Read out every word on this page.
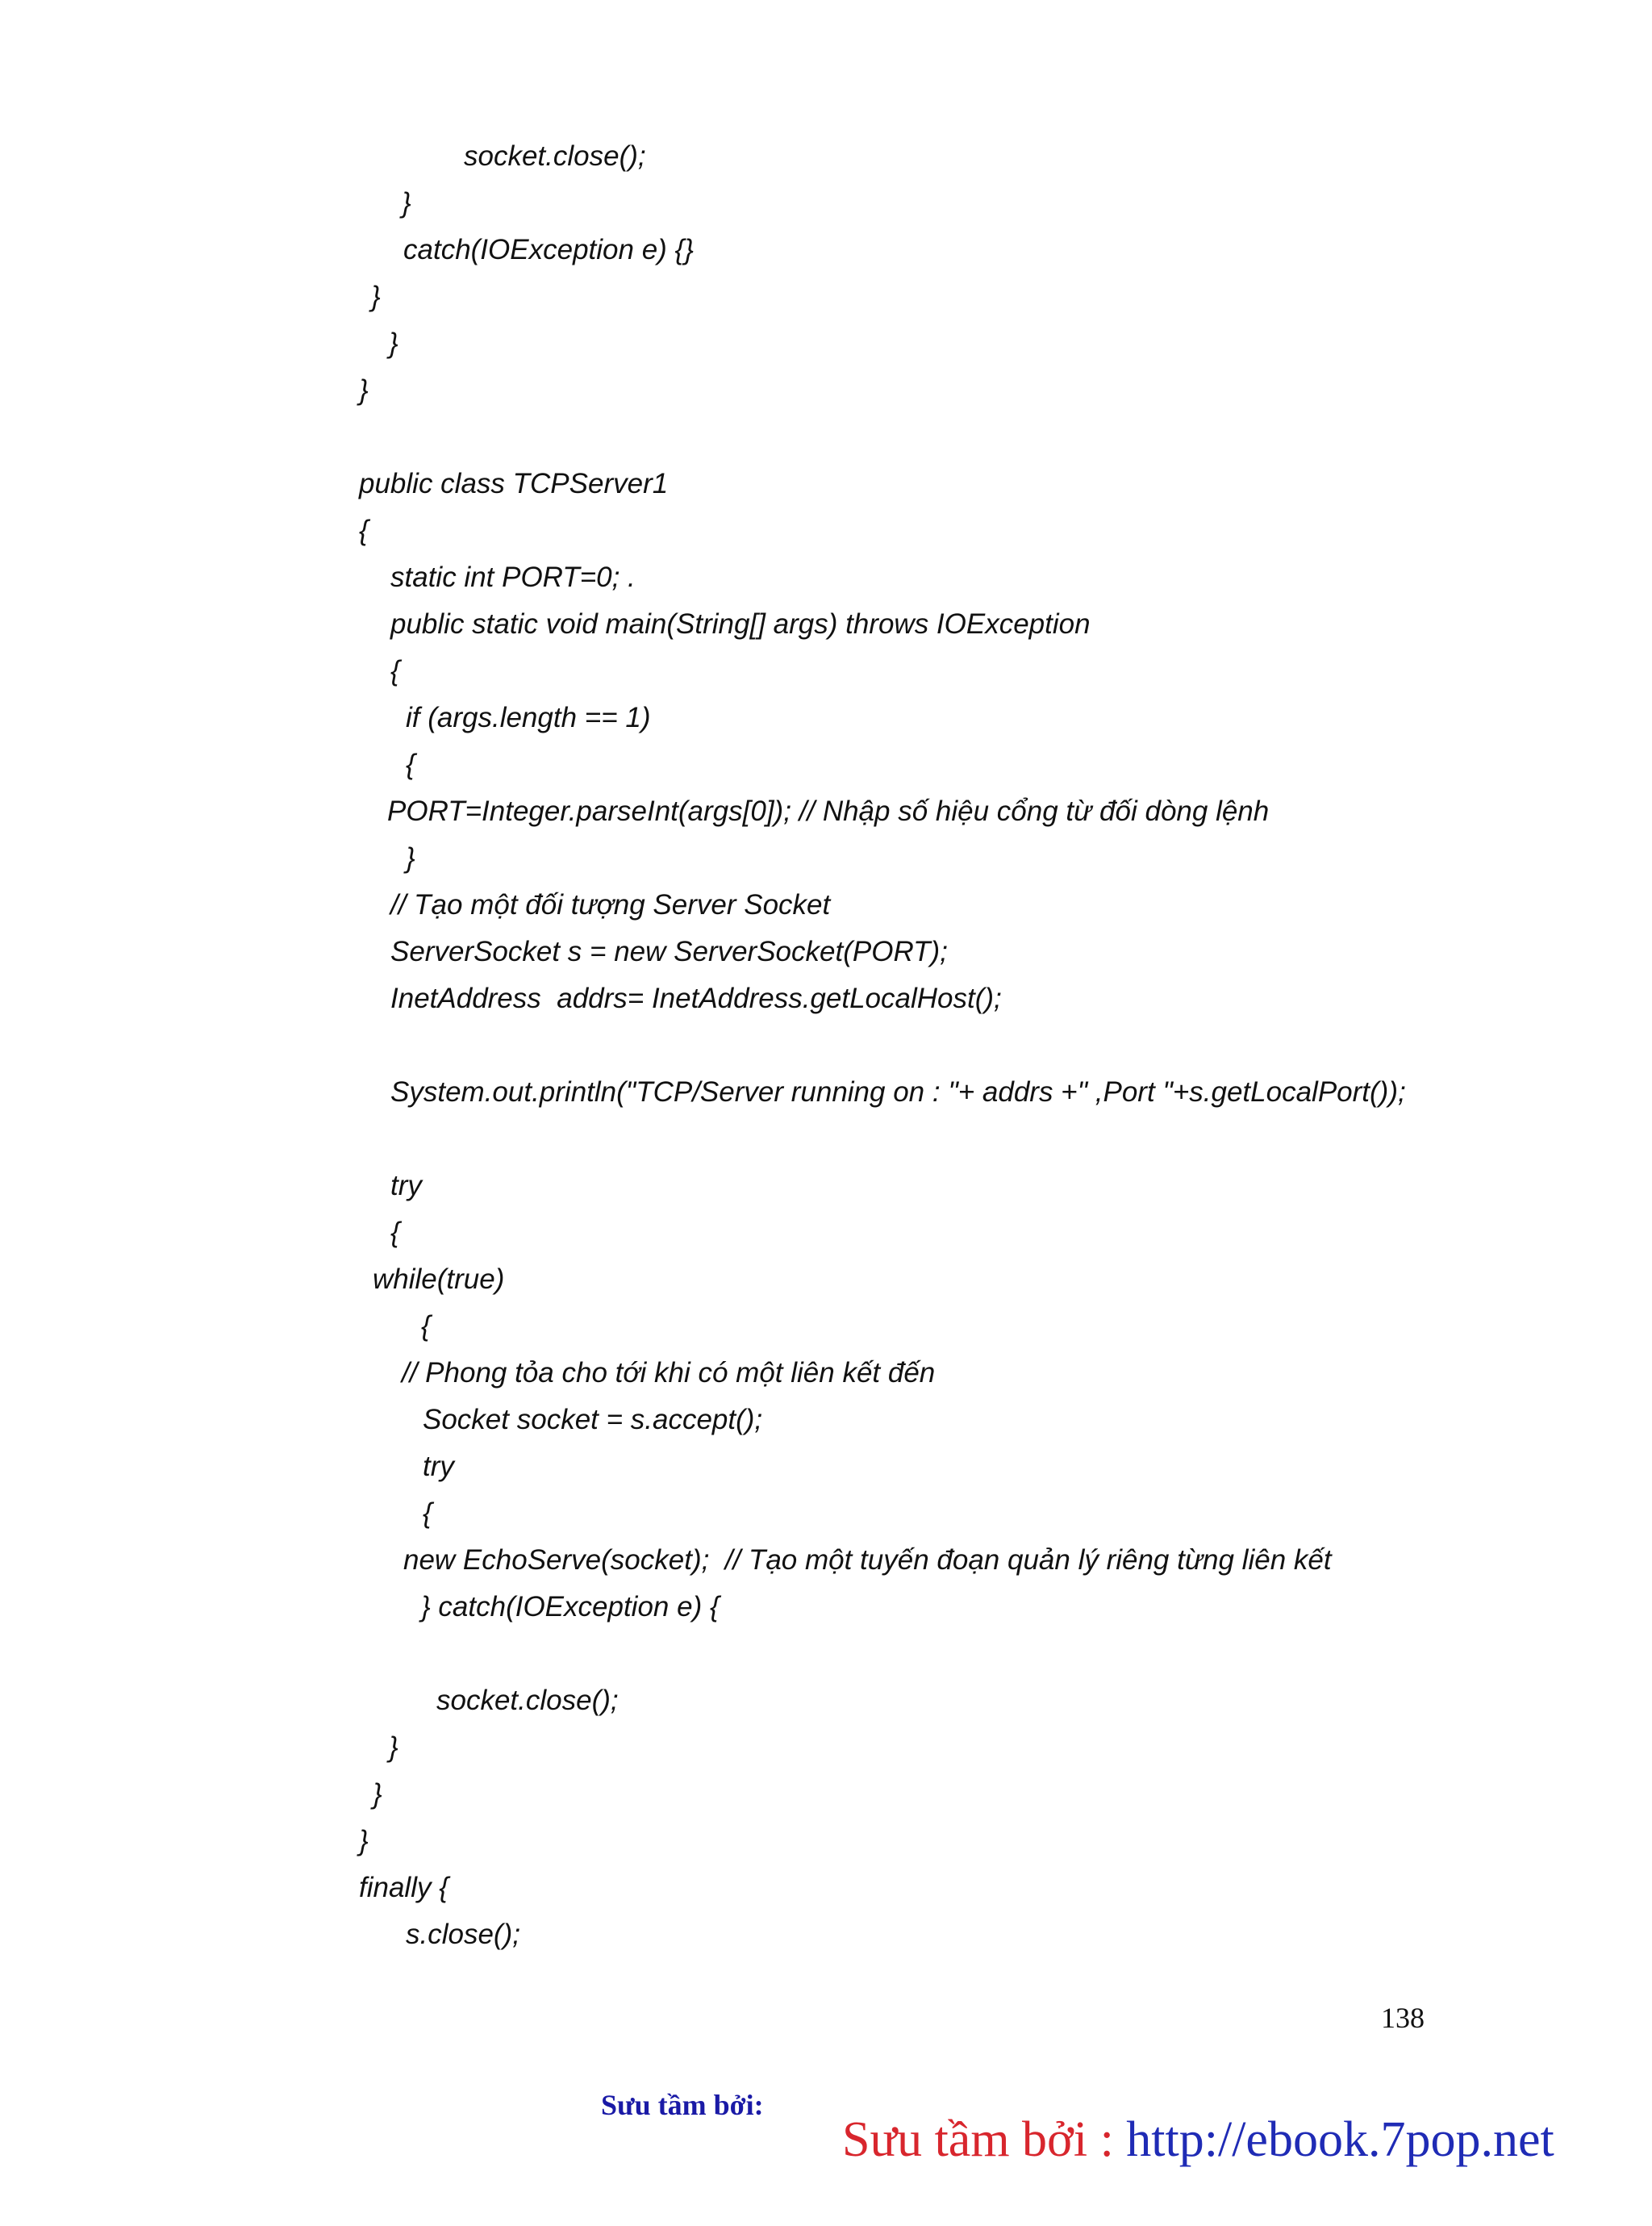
socket.close();
}
catch(IOException e) {}
}
}
}
public class TCPServer1
{
static int PORT=0; .
public static void main(String[] args) throws IOException
{
if (args.length == 1)
{
PORT=Integer.parseInt(args[0]); // Nhập số hiệu cổng từ đối dòng lệnh
}
// Tạo một đối tượng Server Socket
ServerSocket s = new ServerSocket(PORT);
InetAddress  addrs= InetAddress.getLocalHost();
System.out.println("TCP/Server running on : "+ addrs +" ,Port "+s.getLocalPort());
try
{
while(true)
{
// Phong tỏa cho tới khi có một liên kết đến
Socket socket = s.accept();
try
{
new EchoServe(socket);  // Tạo một tuyến đoạn quản lý riêng từng liên kết
} catch(IOException e) {
socket.close();
}
}
}
finally {
s.close();
138
Sưu tầm bởi:

Sưu tầm bởi : http://ebook.7pop.net
